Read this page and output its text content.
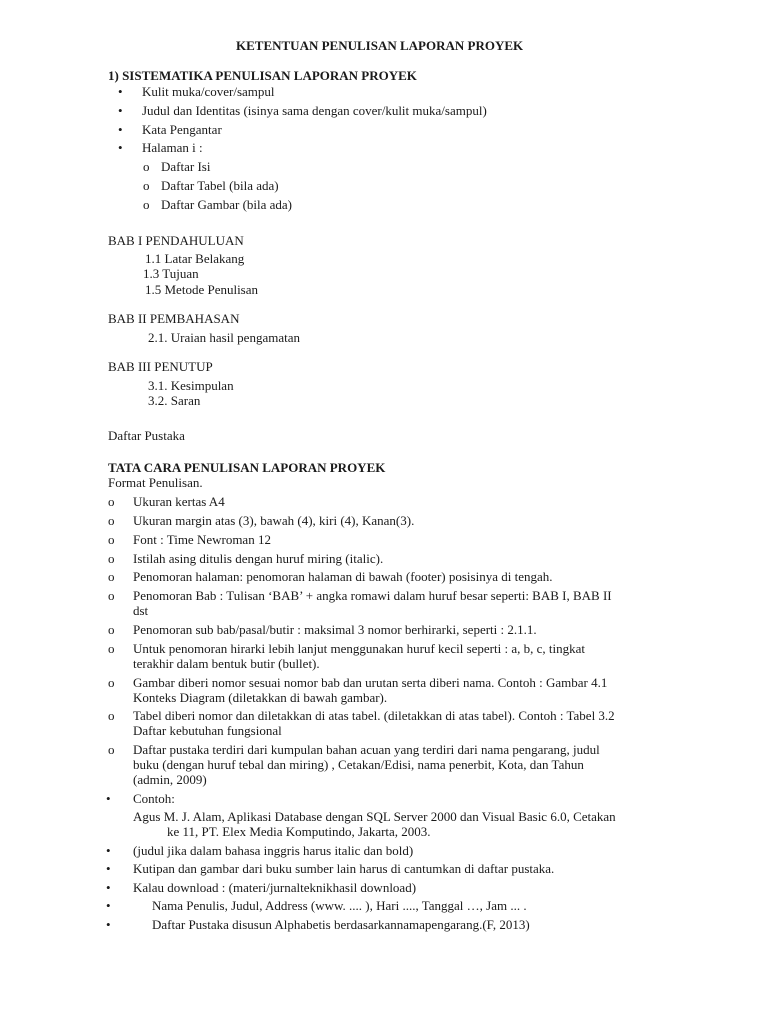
KETENTUAN PENULISAN LAPORAN PROYEK
1) SISTEMATIKA PENULISAN LAPORAN PROYEK
• Kulit muka/cover/sampul
• Judul dan Identitas (isinya sama dengan cover/kulit muka/sampul)
• Kata Pengantar
• Halaman i :
o Daftar Isi
o Daftar Tabel (bila ada)
o Daftar Gambar (bila ada)
BAB I PENDAHULUAN
1.1 Latar Belakang
1.3 Tujuan
1.5 Metode Penulisan
BAB II PEMBAHASAN
2.1. Uraian hasil pengamatan
BAB III PENUTUP
3.1. Kesimpulan
3.2. Saran
Daftar Pustaka
TATA CARA PENULISAN LAPORAN PROYEK
Format Penulisan.
o Ukuran kertas A4
o Ukuran margin atas (3), bawah (4), kiri (4), Kanan(3).
o Font : Time Newroman 12
o Istilah asing ditulis dengan huruf miring (italic).
o Penomoran halaman: penomoran halaman di bawah (footer) posisinya di tengah.
o Penomoran Bab : Tulisan ‘BAB’ + angka romawi dalam huruf besar seperti: BAB I, BAB II
dst
o Penomoran sub bab/pasal/butir : maksimal 3 nomor berhirarki, seperti : 2.1.1.
o Untuk penomoran hirarki lebih lanjut menggunakan huruf kecil seperti : a, b, c, tingkat
terakhir dalam bentuk butir (bullet).
o Gambar diberi nomor sesuai nomor bab dan urutan serta diberi nama. Contoh : Gambar 4.1
Konteks Diagram (diletakkan di bawah gambar).
o Tabel diberi nomor dan diletakkan di atas tabel. (diletakkan di atas tabel). Contoh : Tabel 3.2
Daftar kebutuhan fungsional
o Daftar pustaka terdiri dari kumpulan bahan acuan yang terdiri dari nama pengarang, judul
buku (dengan huruf tebal dan miring) , Cetakan/Edisi, nama penerbit, Kota, dan Tahun
(admin, 2009)
• Contoh:
Agus M. J. Alam, Aplikasi Database dengan SQL Server 2000 dan Visual Basic 6.0, Cetakan
ke 11, PT. Elex Media Komputindo, Jakarta, 2003.
• (judul jika dalam bahasa inggris harus italic dan bold)
• Kutipan dan gambar dari buku sumber lain harus di cantumkan di daftar pustaka.
• Kalau download : (materi/jurnalteknikhasil download)
•	Nama Penulis, Judul, Address (www. .... ), Hari ...., Tanggal …, Jam ... .
•	Daftar Pustaka disusun Alphabetis berdasarkannamapengarang.(F, 2013)
